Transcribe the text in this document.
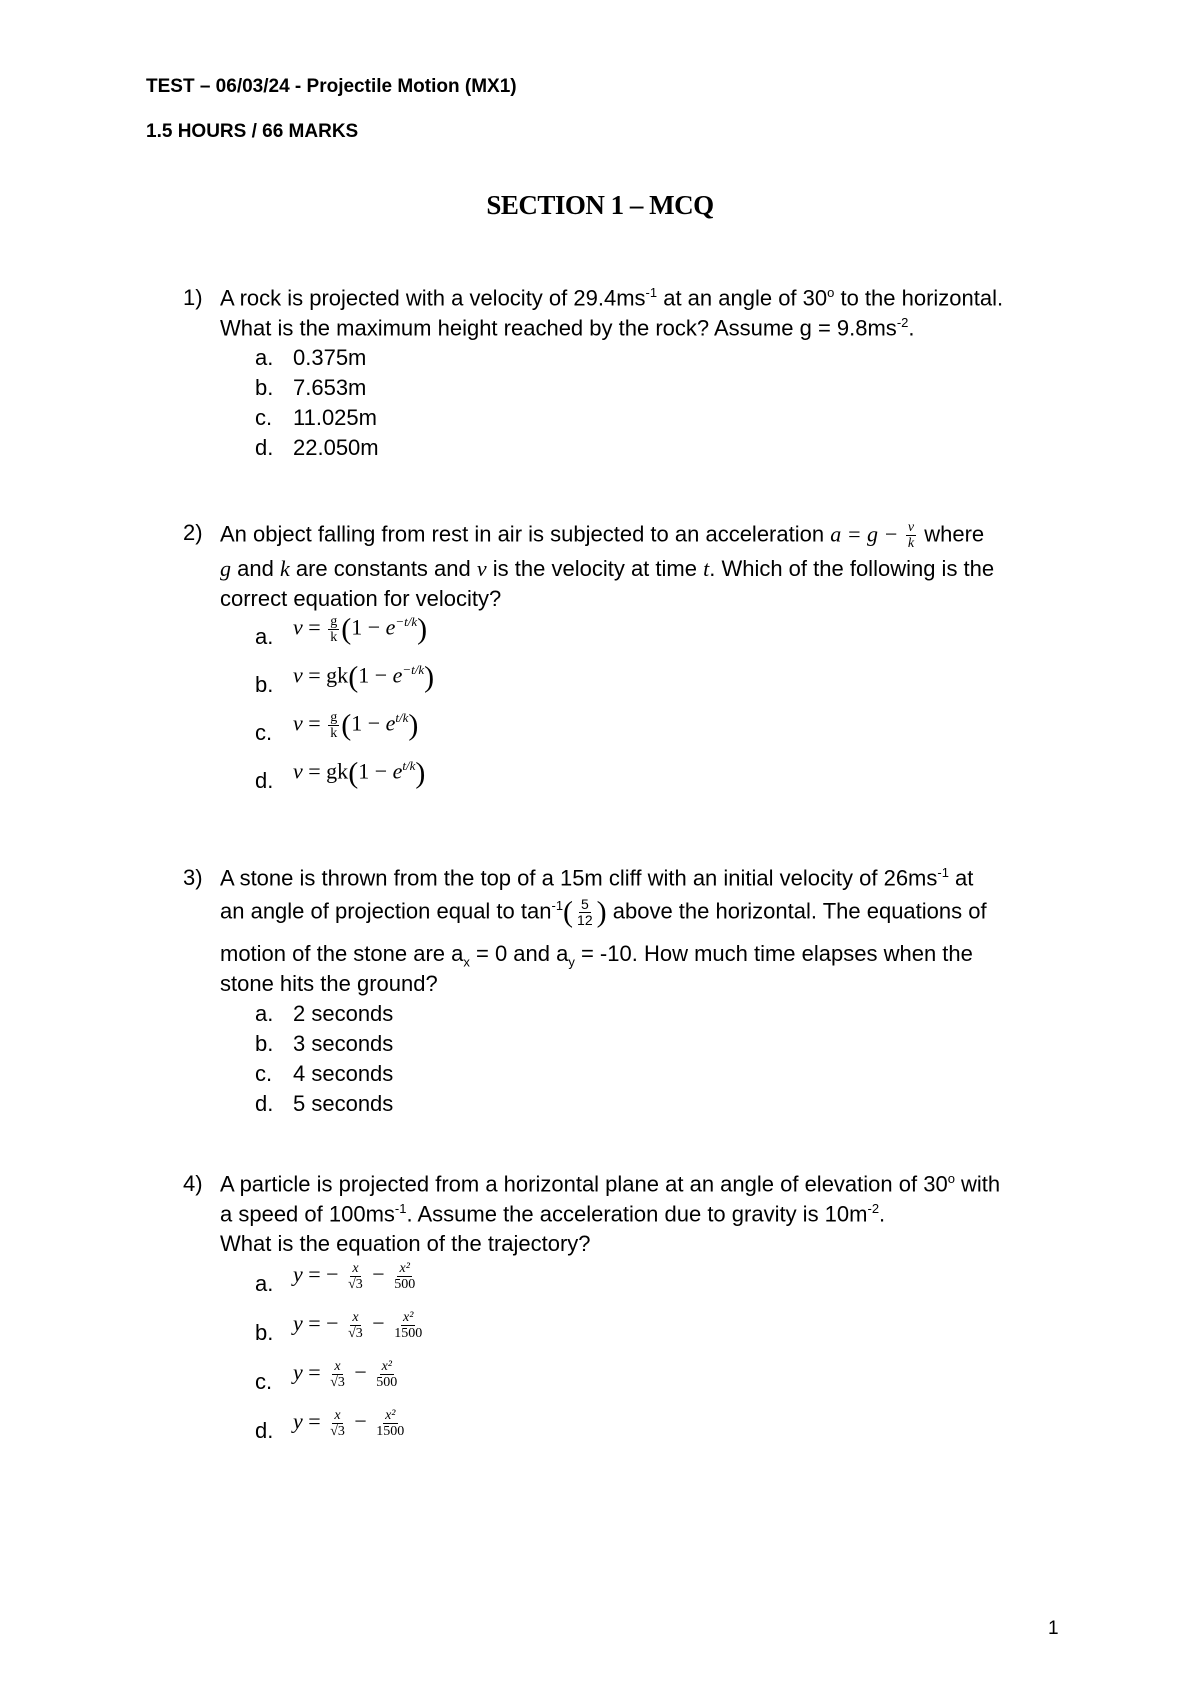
TEST – 06/03/24 - Projectile Motion (MX1)
1.5 HOURS / 66 MARKS
SECTION 1 – MCQ
1) A rock is projected with a velocity of $29.4ms^{-1}$ at an angle of 30$^o$ to the horizontal.
What is the maximum height reached by the rock? Assume $g = 9.8ms^{-2}$.
a. 0.375m
b. 7.653m
c. 11.025m
d. 22.050m
2) An object falling from rest in air is subjected to an acceleration $a = g - \frac{v}{k}$ where
g and k are constants and v is the velocity at time t. Which of the following is the
correct equation for velocity?
a. $v = \frac{g}{k} (1 - e^{-t/k})$
b. $v = gk(1 - e^{-t/k})$
c. $v = \frac{g}{k} (1 - e^{t/k})$
d. $v = gk(1 - e^{t/k})$
3) A stone is thrown from the top of a 15m cliff with an initial velocity of $26ms^{-1}$ at
an angle of projection equal to $\tan^{-1}( \frac{5}{12}$ ) above the horizontal. The equations of
motion of the stone are $a_x = 0$ and $a_y = -10$. How much time elapses when the
stone hits the ground?
a. 2 seconds
b. 3 seconds
c. 4 seconds
d. 5 seconds
4) A particle is projected from a horizontal plane at an angle of elevation of 30$^o$ with
a speed of $100ms^{-1}$. Assume the acceleration due to gravity is $10m^{-2}$.
What is the equation of the trajectory?
a. y = − $\frac{x}{√3} - \frac{\text{x²}}{500}$
b. y = − $\frac{x}{√3} - \frac{\text{x²}}{1500}$
c. $y = \frac{x}{√3} - \frac{\text{x²}}{500}$
d. $y = \frac{x}{√3} - \frac{\text{x²}}{1500}$
1
